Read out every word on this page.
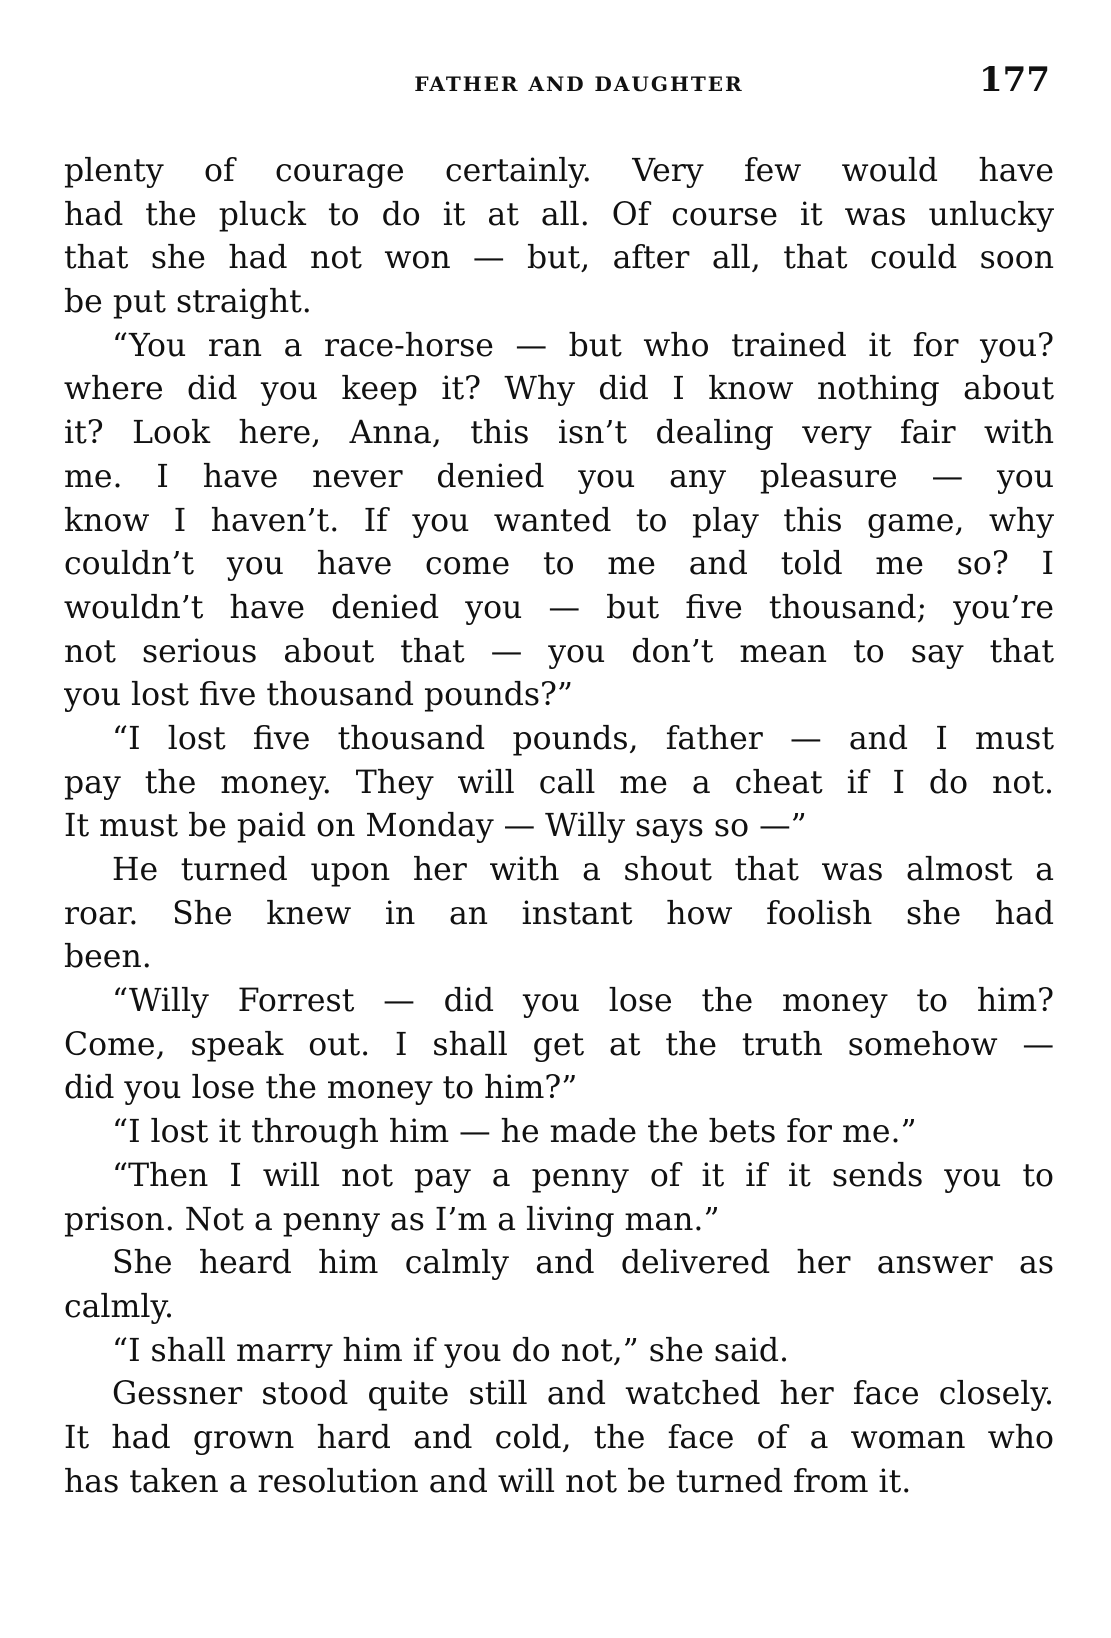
FATHER AND DAUGHTER	177
plenty of courage certainly. Very few would have
had the pluck to do it at all. Of course it was unlucky
that she had not won — but, after all, that could soon
be put straight.
“You ran a race-horse — but who trained it for you?
where did you keep it? Why did I know nothing about
it? Look here, Anna, this isn’t dealing very fair with
me. I have never denied you any pleasure — you
know I haven’t. If you wanted to play this game, why
couldn’t you have come to me and told me so? I
wouldn’t have denied you — but five thousand; you’re
not serious about that — you don’t mean to say that
you lost five thousand pounds?”
“I lost five thousand pounds, father — and I must
pay the money. They will call me a cheat if I do not.
It must be paid on Monday — Willy says so —”
He turned upon her with a shout that was almost a
roar. She knew in an instant how foolish she had
been.
“Willy Forrest — did you lose the money to him?
Come, speak out. I shall get at the truth somehow —
did you lose the money to him?”
“I lost it through him — he made the bets for me.”
“Then I will not pay a penny of it if it sends you to
prison. Not a penny as I’m a living man.”
She heard him calmly and delivered her answer as
calmly.
“I shall marry him if you do not,” she said.
Gessner stood quite still and watched her face closely.
It had grown hard and cold, the face of a woman who
has taken a resolution and will not be turned from it.
